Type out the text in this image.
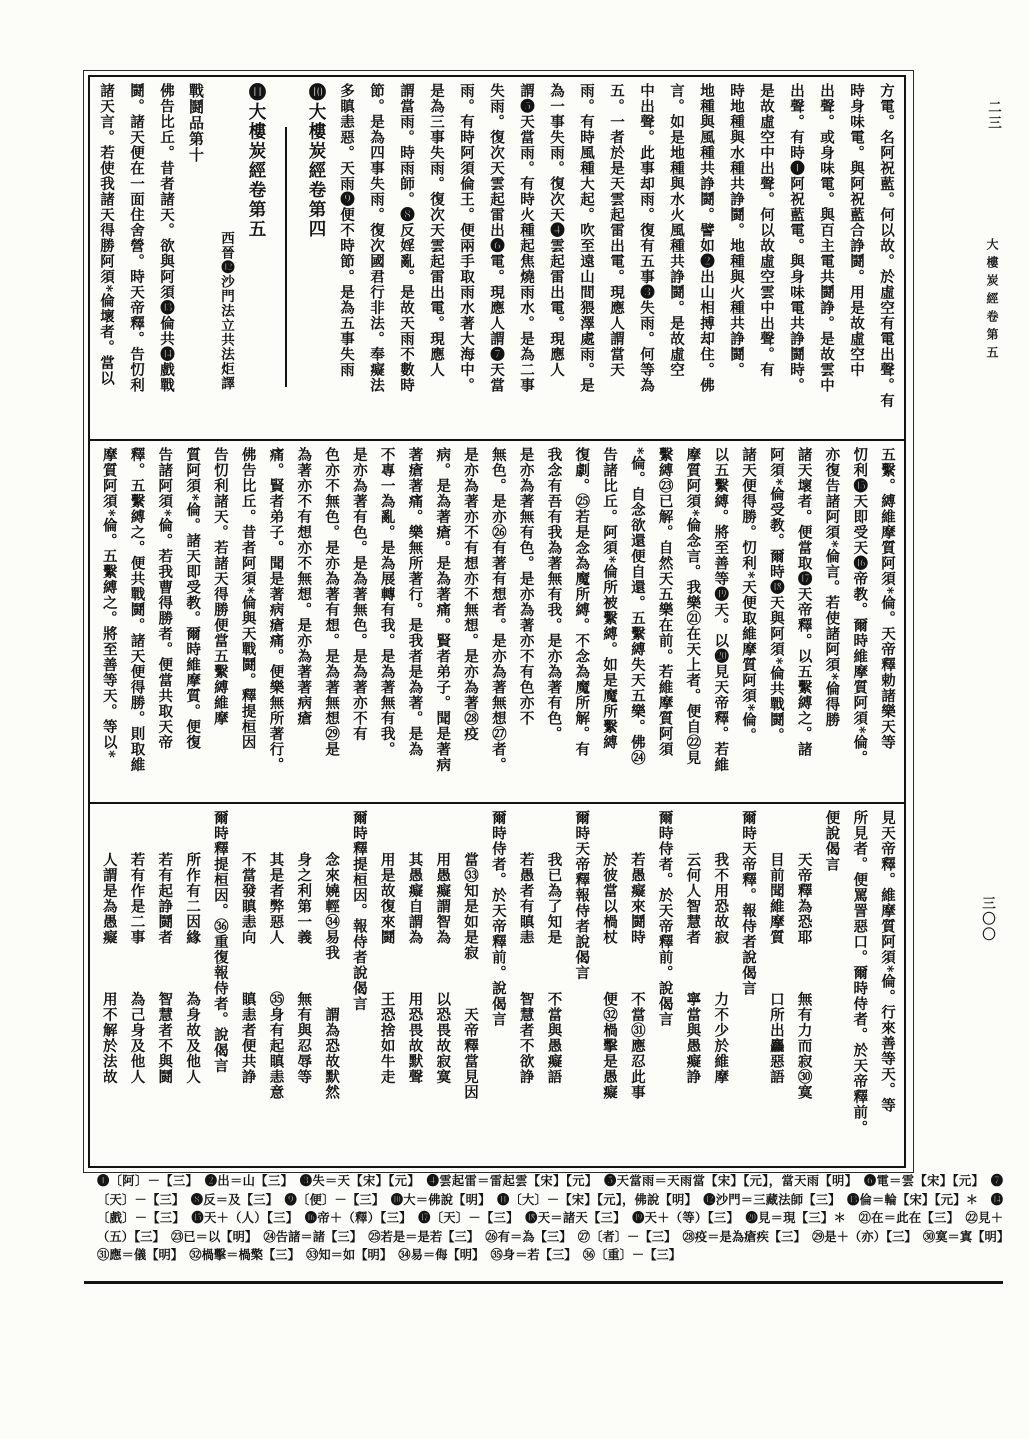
方電。名阿祝藍。何以故。於虛空有電出聲。有
時身味電。與阿祝藍合諍鬪。用是故虛空中
出聲。或身味電。與百主電共鬪諍。是故雲中
出聲。有時❶阿祝藍電。與身味電共諍鬪時。
是故虛空中出聲。何以故虛空雲中出聲。有
時地種與水種共諍鬪。地種與火種共諍鬪。
地種與風種共諍鬪。譬如❷出山相搏却住。佛
言。如是地種與水火風種共諍鬪。是故虛空
中出聲。此事却雨。復有五事❸失雨。何等為
五。一者於是天雲起雷出電。現應人謂當天
雨。有時風種大起。吹至遠山間猥澤處雨。是
為一事失雨。復次天❹雲起雷出電。現應人
謂❺天當雨。有時火種起焦燒雨水。是為二事
失雨。復次天雲起雷出❻電。現應人謂❼天當
雨。有時阿須倫王。便兩手取雨水著大海中。
是為三事失雨。復次天雲起雷出電。現應人
謂當雨。時雨師。❽反婬亂。是故天雨不數時
節。是為四事失雨。復次國君行非法。奉癡法
多瞋恚惡。天雨❾便不時節。是為五事失雨
❿大樓炭經卷第四
⓫大樓炭經卷第五
西晉⓬沙門法立共法炬譯
戰鬪品第十
佛告比丘。昔者諸天。欲與阿須⓭倫共⓮戲戰
鬪。諸天便在一面住舍營。時天帝釋。告忉利
諸天言。若使我諸天得勝阿須*倫壞者。當以
五繫。縛維摩質阿須*倫。天帝釋勅諸樂天等
忉利⓯天即受天⓰帝教。爾時維摩質阿須*倫。
亦復告諸阿須*倫言。若使諸阿須*倫得勝
諸天壞者。便當取⓱天帝釋。以五繫縛之。諸
阿須*倫受教。爾時⓲天與阿須*倫共戰鬪。
諸天便得勝。忉利*天便取維摩質阿須*倫。
以五繫縛。將至善等⓳天。以⓴見天帝釋。若維
摩質阿須*倫念言。我樂㉑在天上者。便自㉒見
繫縛㉓已解。自然天五樂在前。若維摩質阿須
*倫。自念欲還便自還。五繫縛失天五樂。佛㉔
告諸比丘。阿須*倫所被繫縛。如是魔所繫縛
復劇。㉕若是念為魔所縛。不念為魔所解。有
我念有吾有我為著無有我。是亦為著有色。
是亦為著無有色。是亦為著亦不有色亦不
無色。是亦㉖有著有想者。是亦為著無想㉗者。
是亦為著亦不有想亦不無想。是亦為著㉘疫
病。是為著瘡。是為著痛。賢者弟子。聞是著病
著瘡著痛。樂無所著行。是我者是為著。是為
不專一為亂。是為展轉有我。是為著無有我。
是亦為著有色。是為著無色。是為著亦不有
色亦不無色。是亦為著有想。是為著無想㉙是
為著亦不有想亦不無想。是亦為著著病瘡
痛。賢者弟子。聞是著病瘡痛。便樂無所著行。
佛告比丘。昔者阿須*倫與天戰鬪。釋提桓因
告忉利諸天。若諸天得勝便當五繫縛維摩
質阿須*倫。諸天即受教。爾時維摩質。便復
告諸阿須*倫。若我曹得勝者。便當共取天帝
釋。五繫縛之。便共戰鬪。諸天便得勝。則取維
摩質阿須*倫。五繫縛之。將至善等天。等以*
見天帝釋。維摩質阿須*倫。行來善等天。等
所見者。便罵詈惡口。爾時侍者。於天帝釋前。
便說偈言
天帝釋為恐耶　　　無有力而寂㉚寞
目前聞維摩質　　　口所出麤惡語
爾時天帝釋。報侍者說偈言
我不用恐故寂　　　力不少於維摩
云何人智慧者　　　寧當與愚癡諍
爾時侍者。於天帝釋前。說偈言
若愚癡來鬪時　　　不當㉛應忍此事
於彼當以楇杖　　　便㉜楇擊是愚癡
爾時天帝釋報侍者說偈言
我已為了知是　　　不當與愚癡語
若愚者有瞋恚　　　智慧者不欲諍
爾時侍者。於天帝釋前。說偈言
當㉝知是如是寂　　　天帝釋當見因
用愚癡謂智為　　　以恐畏故寂寞
其愚癡自謂為　　　用恐畏故默聲
用是故復來鬪　　　王恐捨如牛走
爾時釋提桓因。報侍者說偈言
念來嬈輕㉞易我　　　謂為恐故默然
身之利第一義　　　無有與忍辱等
其是者弊惡人　　　㉟身有起瞋恚意
不當發瞋恚向　　　瞋恚者便共諍
爾時釋提桓因。㊱重復報侍者。說偈言
所作有二因緣　　　為身故及他人
若有起諍鬪者　　　智慧者不與鬪
若有作是二事　　　為己身及他人
人謂是為愚癡　　　用不解於法故
二三
大樓炭經卷第五
三〇〇
❶〔阿〕－【三】　❷出＝山【三】　❸失＝天【宋】【元】　❹雲起雷＝雷起雲【宋】【元】　❺天當雨＝天雨當【宋】【元】，當天雨【明】　❻電＝雲【宋】【元】　❼〔天〕－【三】　❽反＝及【三】　❾〔便〕－【三】　❿大＝佛說【明】　⓫〔大〕－【宋】【元】，佛說【明】　⓬沙門＝三藏法師【三】　⓭倫＝輪【宋】【元】＊　⓮〔戲〕－【三】　⓯天＋（人）【三】　⓰帝＋（釋）【三】　⓱〔天〕－【三】　⓲天＝諸天【三】　⓳天＋（等）【三】　⓴見＝現【三】＊　㉑在＝此在【三】　㉒見＋（五）【三】　㉓已＝以【明】　㉔告諸＝諸【三】　㉕若是＝是若【三】　㉖有＝為【三】　㉗〔者〕－【三】　㉘疫＝是為瘡疾【三】　㉙是＋（亦）【三】　㉚寞＝寘【明】　㉛應＝儀【明】　㉜楇擊＝楇檠【三】　㉝知＝如【明】　㉞易＝侮【明】　㉟身＝若【三】　㊱〔重〕－【三】
